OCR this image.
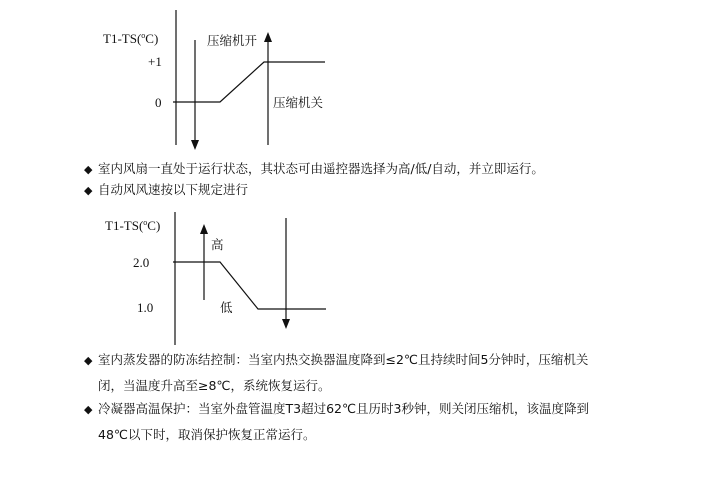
T1-TS($^o$C)
+1
0
压缩机开
压缩机关
◆ 室内风扇一直处于运行状态，其状态可由遥控器选择为高/低/自动，并立即运行。
◆ 自动风风速按以下规定进行
T1-TS($^o$C)
2.0
1.0
高
低
◆ 室内蒸发器的防冻结控制：当室内热交换器温度降到≤2℃且持续时间5分钟时，压缩机关
闭，当温度升高至≥8℃，系统恢复运行。
◆ 冷凝器高温保护：当室外盘管温度T3超过62℃且历时3秒钟，则关闭压缩机，该温度降到
48℃以下时，取消保护恢复正常运行。
